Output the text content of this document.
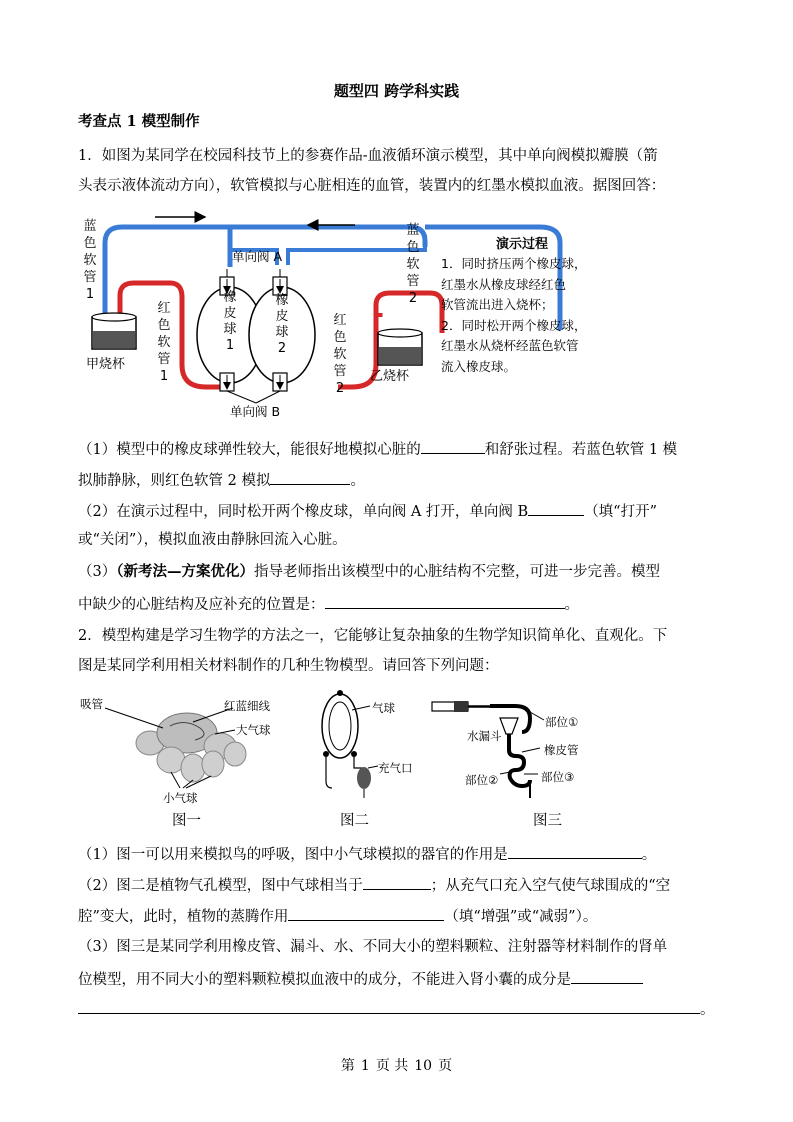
题型四 跨学科实践
考查点 1 模型制作
1．如图为某同学在校园科技节上的参赛作品-血液循环演示模型，其中单向阀模拟瓣膜（箭
头表示液体流动方向），软管模拟与心脏相连的血管，装置内的红墨水模拟血液。据图回答：
蓝
色
软
管
1
蓝
色
软
管
2
红
色
软
管
1
红
色
软
管
2
橡
皮
球
1
橡
皮
球
2
单向阀 A
单向阀 B
甲烧杯
乙烧杯
演示过程
1．同时挤压两个橡皮球，
红墨水从橡皮球经红色
软管流出进入烧杯；
2．同时松开两个橡皮球，
红墨水从烧杯经蓝色软管
流入橡皮球。
（1）模型中的橡皮球弹性较大，能很好地模拟心脏的	和舒张过程。若蓝色软管 1 模
拟肺静脉，则红色软管 2 模拟	。
（2）在演示过程中，同时松开两个橡皮球，单向阀 A 打开，单向阀 B	（填“打开”
或“关闭”），模拟血液由静脉回流入心脏。
（3）（新考法—方案优化）指导老师指出该模型中的心脏结构不完整，可进一步完善。模型
中缺少的心脏结构及应补充的位置是：	。
2．模型构建是学习生物学的方法之一，它能够让复杂抽象的生物学知识简单化、直观化。下
图是某同学利用相关材料制作的几种生物模型。请回答下列问题：
吸管	红蓝细线
大气球
小气球
图一
气球
充气口
图二
部位①
水漏斗
橡皮管
部位②	部位③
图三
（1）图一可以用来模拟鸟的呼吸，图中小气球模拟的器官的作用是	。
（2）图二是植物气孔模型，图中气球相当于	；从充气口充入空气使气球围成的“空
腔”变大，此时，植物的蒸腾作用	（填“增强”或“减弱”）。
（3）图三是某同学利用橡皮管、漏斗、水、不同大小的塑料颗粒、注射器等材料制作的肾单
位模型，用不同大小的塑料颗粒模拟血液中的成分，不能进入肾小囊的成分是
。
第 1 页 共 10 页
